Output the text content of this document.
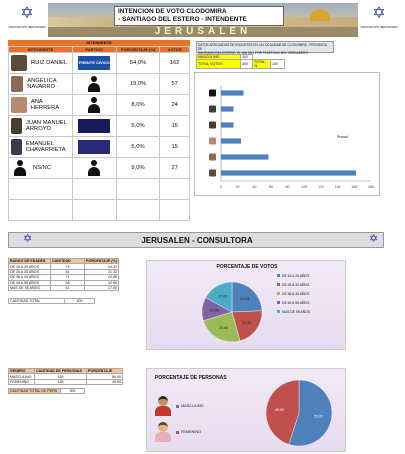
✡
ASOCIACION JERUSALEN
INTENCION DE VOTO CLODOMIRA
- SANTIAGO DEL ESTERO - INTENDENTE
JERUSALEN
✡
ASOCIACION JERUSALEN
INTENDENTE
INTENDENTE	PARTIDO	PORCENTAJE (%)	VOTOS

RUIZ DANIEL	FRENTE CIVICO	54,0%	162

ANGELICA NAVARRO		19,0%	57

ANA HERRERA		8,0%	24

JUAN MANUEL ARROYO		5,0%	15

EMANUEL CHAVARRIETA		5,0%	15

NS/NC		9,0%	27

DATOS ARROJADOS DE ENCUESTA EN LA LOCALIDAD DE CLODOMIRA - PROVINCIA DE
SANTIAGO DEL ESTERO. EL DIA 31/1 POR TELEFONO DEL VERDADERO.
MASCULINO	300		
TOTAL VOTOS	300	TOTAL %	100
0	20	40	60	80	100	120	140	160	180
Prosud
✡	JERUSALEN - CONSULTORA	✡
RANGO DE EDADES	CANTIDAD	PORCENTAJE (%)
DE 16 A 25 AÑOS	73	24.33
DE 26 A 35 AÑOS	64	21.33
DE 36 A 45 AÑOS	74	24.66
DE 46 A 55 AÑOS	38	12.66
MAS DE 55 AÑOS	51	17.00
CANTIDAD TOTAL	300
PORCENTAJE DE VOTOS
24.33
21.33
24.66
12.66
17.00
DE 16 A 25 AÑOS
DE 26 A 35 AÑOS
DE 36 A 45 AÑOS
DE 46 A 55 AÑOS
MAS DE 55 AÑOS
GENERO	CANTIDAD DE PERSONAS	PORCENTAJE
MASCULINO	165	55.00
FEMENINO	135	45.00
CANTIDAD TOTAL DE PERS.	300
PORCENTAJE DE PERSONAS
MASCULINO
FEMENINO
55.00
45.00
